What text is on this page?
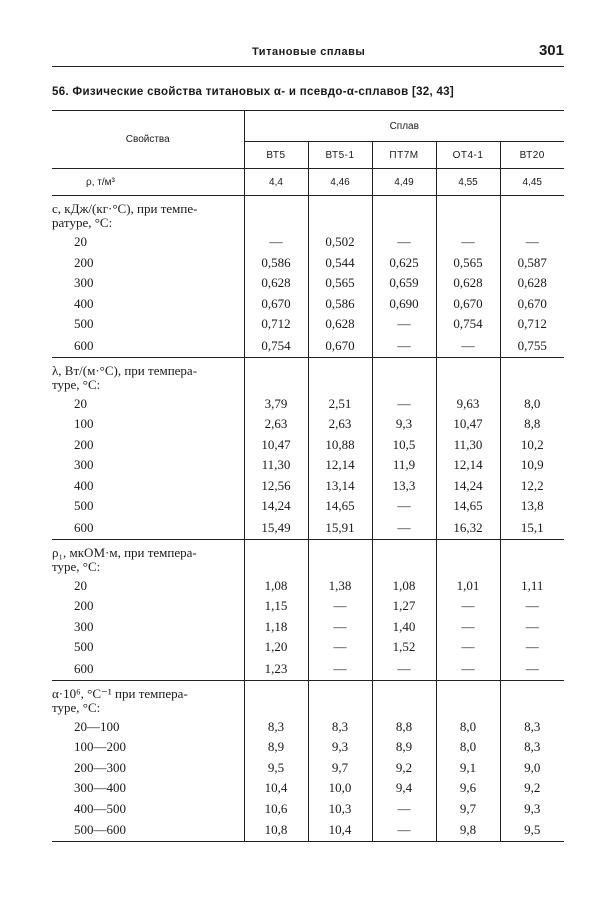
Титановые сплавы	301
56. Физические свойства титановых α- и псевдо-α-сплавов [32, 43]
Свойства	Сплав				
	ВТ5	ВТ5-1	ПТ7М	ОТ4-1	ВТ20
ρ, т/м³	4,4	4,46	4,49	4,55	4,45

c, кДж/(кг·°С), при темпе-
ратуре, °С:					

20	—	0,502	—	—	—
200	0,586	0,544	0,625	0,565	0,587
300	0,628	0,565	0,659	0,628	0,628
400	0,670	0,586	0,690	0,670	0,670
500	0,712	0,628	—	0,754	0,712
600	0,754	0,670	—	—	0,755

λ, Вт/(м·°С), при темпера-
туре, °С:					

20	3,79	2,51	—	9,63	8,0
100	2,63	2,63	9,3	10,47	8,8
200	10,47	10,88	10,5	11,30	10,2
300	11,30	12,14	11,9	12,14	10,9
400	12,56	13,14	13,3	14,24	12,2
500	14,24	14,65	—	14,65	13,8
600	15,49	15,91	—	16,32	15,1

ρ₁, мкОМ·м, при темпера-
туре, °С:					

20	1,08	1,38	1,08	1,01	1,11
200	1,15	—	1,27	—	—
300	1,18	—	1,40	—	—
500	1,20	—	1,52	—	—
600	1,23	—	—	—	—

α·10⁶, °С⁻¹ при темпера-
туре, °С:					

20—100	8,3	8,3	8,8	8,0	8,3
100—200	8,9	9,3	8,9	8,0	8,3
200—300	9,5	9,7	9,2	9,1	9,0
300—400	10,4	10,0	9,4	9,6	9,2
400—500	10,6	10,3	—	9,7	9,3
500—600	10,8	10,4	—	9,8	9,5
